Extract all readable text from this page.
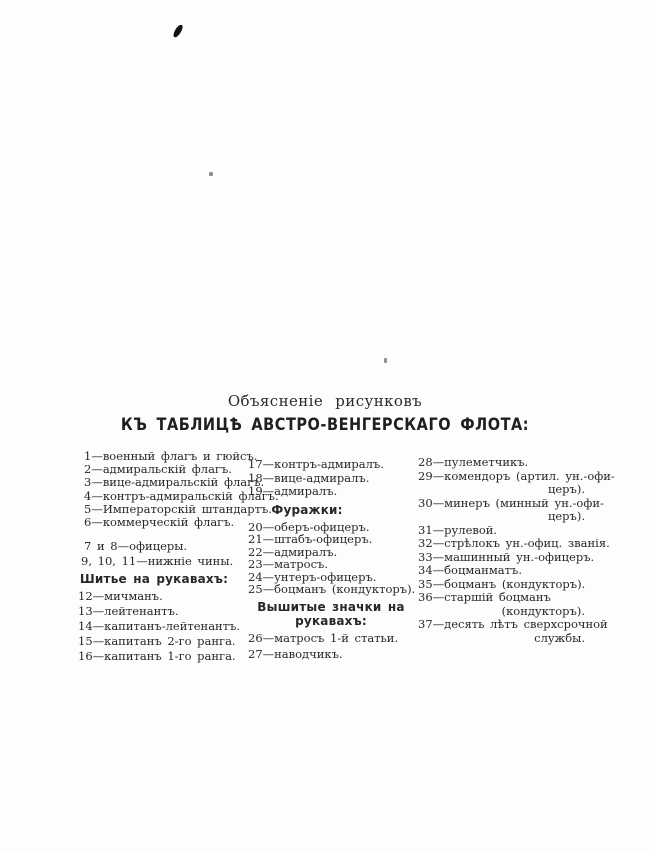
Объясненіе рисунковъ
КЪ ТАБЛИЦѢ АВСТРО-ВЕНГЕРСКАГО ФЛОТА:
1—военный флагъ и гюйсъ.
2—адмиральскій флагъ.
3—вице-адмиральскій флагъ.
4—контръ-адмиральскій флагъ.
5—Императорскій штандартъ.
6—коммерческій флагъ.
7 и 8—офицеры.
9, 10, 11—нижніе чины.
Шитье на рукавахъ:
12—мичманъ.
13—лейтенантъ.
14—капитанъ-лейтенантъ.
15—капитанъ 2-го ранга.
16—капитанъ 1-го ранга.
17—контръ-адмиралъ.
18—вице-адмиралъ.
19—адмиралъ.
Фуражки:
20—оберъ-офицеръ.
21—штабъ-офицеръ.
22—адмиралъ.
23—матросъ.
24—унтеръ-офицеръ.
25—боцманъ (кондукторъ).
Вышитые значки на
рукавахъ:
26—матросъ 1-й статьи.
27—наводчикъ.
28—пулеметчикъ.
29—комендоръ (артил. ун.-офи-
церъ).
30—минеръ (минный ун.-офи-
церъ).
31—рулевой.
32—стрѣлокъ ун.-офиц. званія.
33—машинный ун.-офицеръ.
34—боцманматъ.
35—боцманъ (кондукторъ).
36—старшій боцманъ
(кондукторъ).
37—десять лѣтъ сверхсрочной
службы.
